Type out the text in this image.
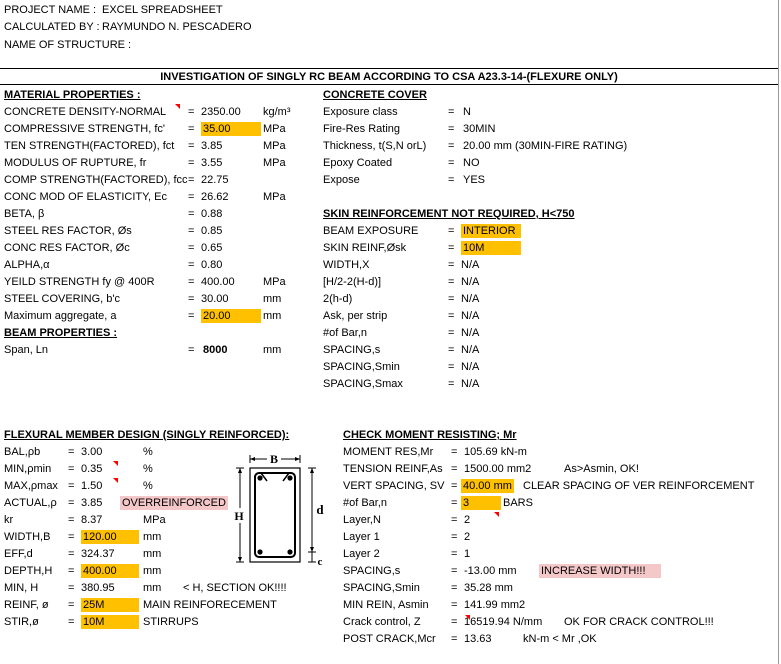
PROJECT NAME : EXCEL SPREADSHEET
CALCULATED BY : RAYMUNDO N. PESCADERO
NAME OF STRUCTURE :
INVESTIGATION OF SINGLY RC BEAM ACCORDING TO CSA A23.3-14-(FLEXURE ONLY)
MATERIAL PROPERTIES :
CONCRETE DENSITY-NORMAL = 2350.00 kg/m³
COMPRESSIVE STRENGTH, fc' = 35.00	MPa
TEN STRENGTH(FACTORED), fct = 3.85	MPa
MODULUS OF RUPTURE, fr	= 3.55	MPa
COMP STRENGTH(FACTORED), fcc = 22.75
CONC MOD OF ELASTICITY, Ec = 26.62	MPa
BETA, β	= 0.88
STEEL RES FACTOR, Øs	= 0.85
CONC RES FACTOR, Øc	= 0.65
ALPHA,α	= 0.80
YEILD STRENGTH fy @ 400R	= 400.00	MPa
STEEL COVERING, b'c	= 30.00	mm
Maximum aggregate, a	= 20.00	mm
BEAM PROPERTIES :
Span, Ln	= 8000	mm
CONCRETE COVER
Exposure class	= N
Fire-Res Rating	= 30MIN
Thickness, t(S,N orL) = 20.00 mm (30MIN-FIRE RATING)
Epoxy Coated	= NO
Expose	= YES
SKIN REINFORCEMENT NOT REQUIRED, H<750
BEAM EXPOSURE	= INTERIOR
SKIN REINF,Øsk	= 10M
WIDTH,X	= N/A
[H/2-2(H-d)]	= N/A
2(h-d)	= N/A
Ask, per strip	= N/A
#of Bar,n	= N/A
SPACING,s	= N/A
SPACING,Smin	= N/A
SPACING,Smax	= N/A
FLEXURAL MEMBER DESIGN (SINGLY REINFORCED):
BAL,ρb	= 3.00	%
MIN,ρmin = 0.35	%
MAX,ρmax = 1.50	%
ACTUAL,ρ = 3.85 OVERREINFORCED
kr	= 8.37	MPa
WIDTH,B = 120.00	mm
EFF,d	= 324.37	mm
DEPTH,H = 400.00	mm
MIN, H	= 380.95	mm < H, SECTION OK!!!!
REINF, ø = 25M	MAIN REINFORECEMENT
STIR,ø	= 10M	STIRRUPS
B
H	d
c
CHECK MOMENT RESISTING; Mr
MOMENT RES,Mr = 105.69 kN-m
TENSION REINF,As = 1500.00 mm2	As>Asmin, OK!
VERT SPACING, SV = 40.00 mm CLEAR SPACING OF VER REINFORCEMENT
#of Bar,n	= 3	BARS
Layer,N	= 2
Layer 1	= 2
Layer 2	= 1
SPACING,s	= -13.00 mm INCREASE WIDTH!!!
SPACING,Smin	= 35.28 mm
MIN REIN, Asmin = 141.99 mm2
Crack control, Z	= 16519.94 N/mm OK FOR CRACK CONTROL!!!
POST CRACK,Mcr = 13.63	kN-m < Mr ,OK
